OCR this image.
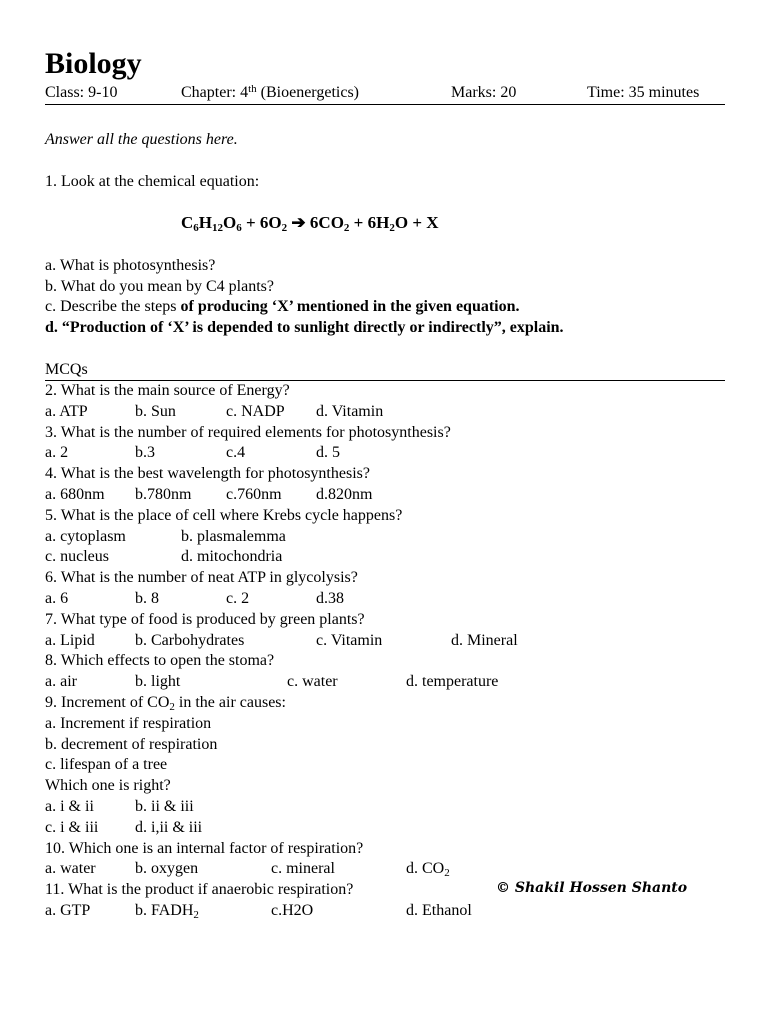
Biology
Class: 9-10	Chapter: 4th (Bioenergetics)	Marks: 20	Time: 35 minutes
Answer all the questions here.
1. Look at the chemical equation:
$C_6H_{12}O_6 + 6O_2$ ➔ $6CO_2 + 6H_2O + X$
a. What is photosynthesis?
b. What do you mean by C4 plants?
c. Describe the steps of producing ‘X’ mentioned in the given equation.
d. “Production of ‘X’ is depended to sunlight directly or indirectly”, explain.
MCQs
2. What is the main source of Energy?
a. ATP	b. Sun	c. NADP d. Vitamin
3. What is the number of required elements for photosynthesis?
a. 2	b.3	c.4	d. 5
4. What is the best wavelength for photosynthesis?
a. 680nm b.780nm c.760nm d.820nm
5. What is the place of cell where Krebs cycle happens?
a. cytoplasm	b. plasmalemma
c. nucleus	d. mitochondria
6. What is the number of neat ATP in glycolysis?
a. 6	b. 8	c. 2	d.38
7. What type of food is produced by green plants?
a. Lipid	b. Carbohydrates	c. Vitamin	d. Mineral
8. Which effects to open the stoma?
a. air	b. light	c. water	d. temperature
9. Increment of $CO_2$ in the air causes:
a. Increment if respiration
b. decrement of respiration
c. lifespan of a tree
Which one is right?
a. i & ii	b. ii & iii
c. i & iii d. i,ii & iii
10. Which one is an internal factor of respiration?
a. water b. oxygen	c. mineral	d. $CO_2$
11. What is the product if anaerobic respiration?
a. GTP	b. $FADH_2$	c.H2O	d. Ethanol
© Shakil Hossen Shanto
